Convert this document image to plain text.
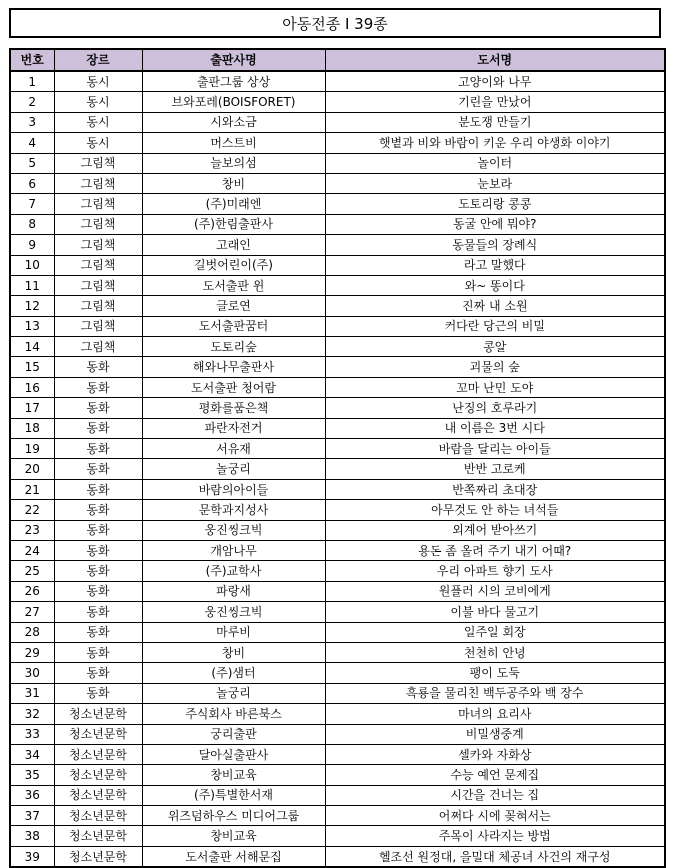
아동전종 I 39종
번호	장르	출판사명	도서명
1	동시	출판그룹 상상	고양이와 나무
2	동시	브와포레(BOISFORET)	기린을 만났어
3	동시	시와소금	분도쟁 만들기
4	동시	머스트비	햇볕과 비와 바람이 키운 우리 야생화 이야기
5	그림책	늘보의섬	놀이터
6	그림책	창비	눈보라
7	그림책	(주)미래엔	도토리랑 콩콩
8	그림책	(주)한림출판사	동굴 안에 뭐야?
9	그림책	고래인	동물들의 장례식
10	그림책	길벗어린이(주)	라고 말했다
11	그림책	도서출판 윈	와~ 똥이다
12	그림책	글로연	진짜 내 소원
13	그림책	도서출판꿈터	커다란 당근의 비밀
14	그림책	도토리숲	콩알
15	동화	해와나무출판사	괴물의 숲
16	동화	도서출판 청어람	꼬마 난민 도야
17	동화	평화를품은책	난징의 호루라기
18	동화	파란자전거	내 이름은 3번 시다
19	동화	서유재	바람을 달리는 아이들
20	동화	놀궁리	반반 고로케
21	동화	바람의아이들	반쪽짜리 초대장
22	동화	문학과지성사	아무것도 안 하는 녀석들
23	동화	웅진씽크빅	외계어 받아쓰기
24	동화	개암나무	용돈 좀 올려 주기 내기 어때?
25	동화	(주)교학사	우리 아파트 향기 도사
26	동화	파랑새	원플러 시의 코비에게
27	동화	웅진씽크빅	이불 바다 물고기
28	동화	마루비	일주일 회장
29	동화	창비	천천히 안녕
30	동화	(주)샘터	팽이 도둑
31	동화	놀궁리	흑룡을 물리친 백두공주와 백 장수
32	청소년문학	주식회사 바른북스	마녀의 요리사
33	청소년문학	궁리출판	비밀생중계
34	청소년문학	달아실출판사	셀카와 자화상
35	청소년문학	창비교육	수능 예언 문제집
36	청소년문학	(주)특별한서재	시간을 건너는 집
37	청소년문학	위즈덤하우스 미디어그룹	어쩌다 시에 꽂혀서는
38	청소년문학	창비교육	주목이 사라지는 방법
39	청소년문학	도서출판 서해문집	헬조선 원정대, 을밀대 체공녀 사건의 재구성
